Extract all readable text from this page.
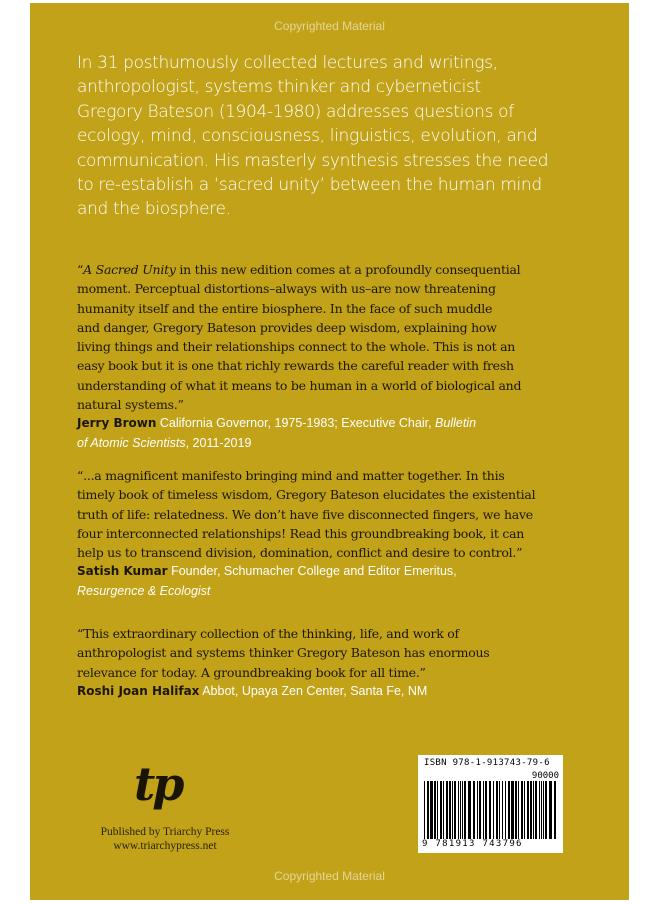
Copyrighted Material
In 31 posthumously collected lectures and writings,
anthropologist, systems thinker and cyberneticist
Gregory Bateson (1904-1980) addresses questions of
ecology, mind, consciousness, linguistics, evolution, and
communication. His masterly synthesis stresses the need
to re-establish a ‘sacred unity’ between the human mind
and the biosphere.
“A Sacred Unity in this new edition comes at a profoundly consequential
moment. Perceptual distortions–always with us–are now threatening
humanity itself and the entire biosphere. In the face of such muddle
and danger, Gregory Bateson provides deep wisdom, explaining how
living things and their relationships connect to the whole. This is not an
easy book but it is one that richly rewards the careful reader with fresh
understanding of what it means to be human in a world of biological and
natural systems.”
Jerry Brown California Governor, 1975-1983; Executive Chair, Bulletin
of Atomic Scientists, 2011-2019
“...a magnificent manifesto bringing mind and matter together. In this
timely book of timeless wisdom, Gregory Bateson elucidates the existential
truth of life: relatedness. We don’t have five disconnected fingers, we have
four interconnected relationships! Read this groundbreaking book, it can
help us to transcend division, domination, conflict and desire to control.”
Satish Kumar Founder, Schumacher College and Editor Emeritus,
Resurgence & Ecologist
“This extraordinary collection of the thinking, life, and work of
anthropologist and systems thinker Gregory Bateson has enormous
relevance for today. A groundbreaking book for all time.”
Roshi Joan Halifax Abbot, Upaya Zen Center, Santa Fe, NM
tp
Published by Triarchy Press
www.triarchypress.net
ISBN 978-1-913743-79-6
90000
9 781913 743796
Copyrighted Material
